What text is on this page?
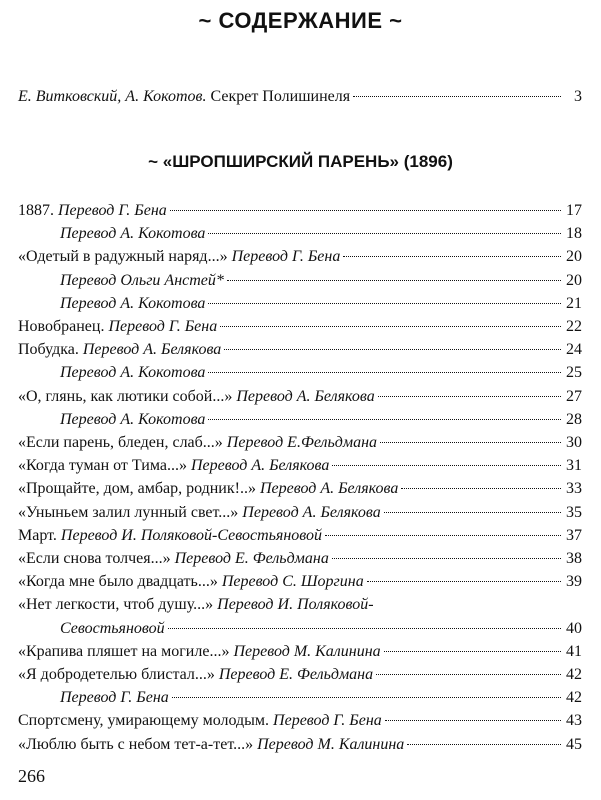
~ СОДЕРЖАНИЕ ~
Е. Витковский, А. Кокотов. Секрет Полишинеля	3
~ «ШРОПШИРСКИЙ ПАРЕНЬ» (1896)
1887. Перевод Г. Бена	17
Перевод А. Кокотова	18
«Одетый в радужный наряд...» Перевод Г. Бена	20
Перевод Ольги Анстей*	20
Перевод А. Кокотова	21
Новобранец. Перевод Г. Бена	22
Побудка. Перевод А. Белякова	24
Перевод А. Кокотова	25
«О, глянь, как лютики собой...» Перевод А. Белякова	27
Перевод А. Кокотова	28
«Если парень, бледен, слаб...» Перевод Е.Фельдмана	30
«Когда туман от Тима...» Перевод А. Белякова	31
«Прощайте, дом, амбар, родник!..» Перевод А. Белякова	33
«Уныньем залил лунный свет...» Перевод А. Белякова	35
Март. Перевод И. Поляковой-Севостьяновой	37
«Если снова толчея...» Перевод Е. Фельдмана	38
«Когда мне было двадцать...» Перевод С. Шоргина	39
«Нет легкости, чтоб душу...» Перевод И. Поляковой-
Севостьяновой	40
«Крапива пляшет на могиле...» Перевод М. Калинина	41
«Я добродетелью блистал...» Перевод Е. Фельдмана	42
Перевод Г. Бена	42
Спортсмену, умирающему молодым. Перевод Г. Бена	43
«Люблю быть с небом тет-а-тет...» Перевод М. Калинина	45
266
